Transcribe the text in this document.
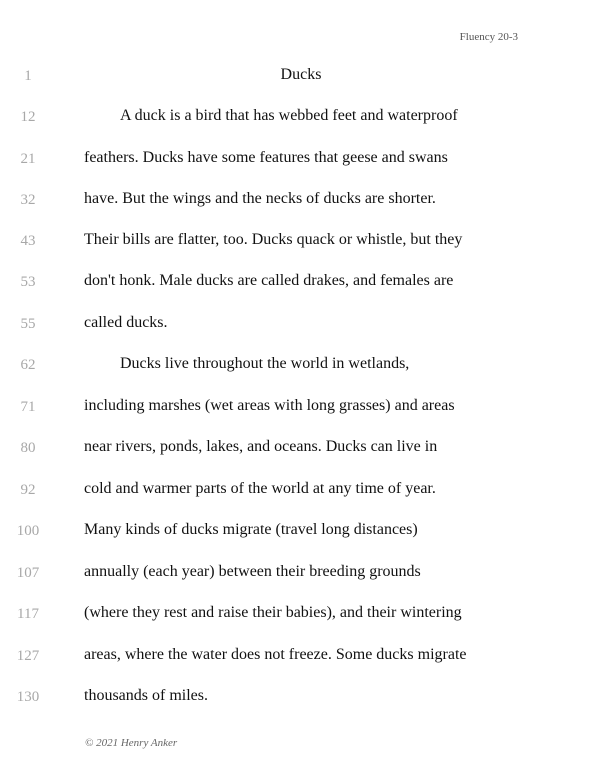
Fluency 20-3
1	Ducks
12	A duck is a bird that has webbed feet and waterproof
21	feathers. Ducks have some features that geese and swans
32	have. But the wings and the necks of ducks are shorter.
43	Their bills are flatter, too. Ducks quack or whistle, but they
53	don't honk. Male ducks are called drakes, and females are
55	called ducks.
62	Ducks live throughout the world in wetlands,
71	including marshes (wet areas with long grasses) and areas
80	near rivers, ponds, lakes, and oceans. Ducks can live in
92	cold and warmer parts of the world at any time of year.
100	Many kinds of ducks migrate (travel long distances)
107	annually (each year) between their breeding grounds
117	(where they rest and raise their babies), and their wintering
127	areas, where the water does not freeze. Some ducks migrate
130	thousands of miles.
© 2021 Henry Anker
